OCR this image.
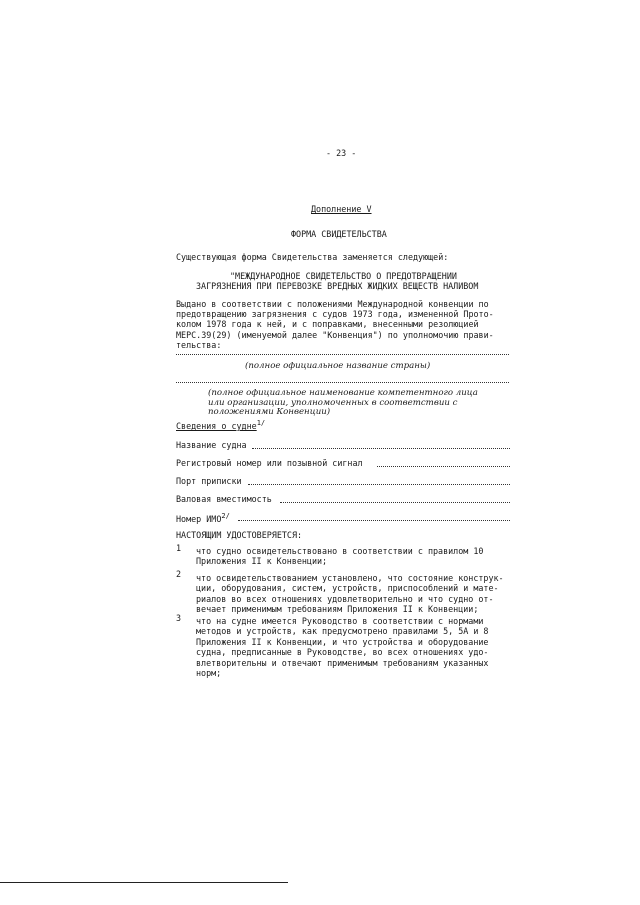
- 23 -
Дополнение V
ФОРМА СВИДЕТЕЛЬСТВА
Существующая форма Свидетельства заменяется следующей:
"МЕЖДУНАРОДНОЕ СВИДЕТЕЛЬСТВО О ПРЕДОТВРАЩЕНИИ
ЗАГРЯЗНЕНИЯ ПРИ ПЕРЕВОЗКЕ ВРЕДНЫХ ЖИДКИХ ВЕЩЕСТВ НАЛИВОМ
Выдано в соответствии с положениями Международной конвенции по
предотвращению загрязнения с судов 1973 года, измененной Прото-
колом 1978 года к ней, и с поправками, внесенными резолюцией
МЕРС.39(29) (именуемой далее "Конвенция") по уполномочию прави-
тельства:
(полное официальное название страны)
(полное официальное наименование компетентного лица
или организации, уполномоченных в соответствии с
положениями Конвенции)
Сведения о судне$^{1/}$
Название судна
Регистровый номер или позывной сигнал
Порт приписки
Валовая вместимость
Номер $ИМО^{2/}$
НАСТОЯЩИМ УДОСТОВЕРЯЕТСЯ:
1 что судно освидетельствовано в соответствии с правилом 10
Приложения II к Конвенции;
2 что освидетельствованием установлено, что состояние конструк-
ции, оборудования, систем, устройств, приспособлений и мате-
риалов во всех отношениях удовлетворительно и что судно от-
вечает применимым требованиям Приложения II к Конвенции;
3 что на судне имеется Руководство в соответствии с нормами
методов и устройств, как предусмотрено правилами 5, 5А и 8
Приложения II к Конвенции, и что устройства и оборудование
судна, предписанные в Руководстве, во всех отношениях удо-
влетворительны и отвечают применимым требованиям указанных
норм;
